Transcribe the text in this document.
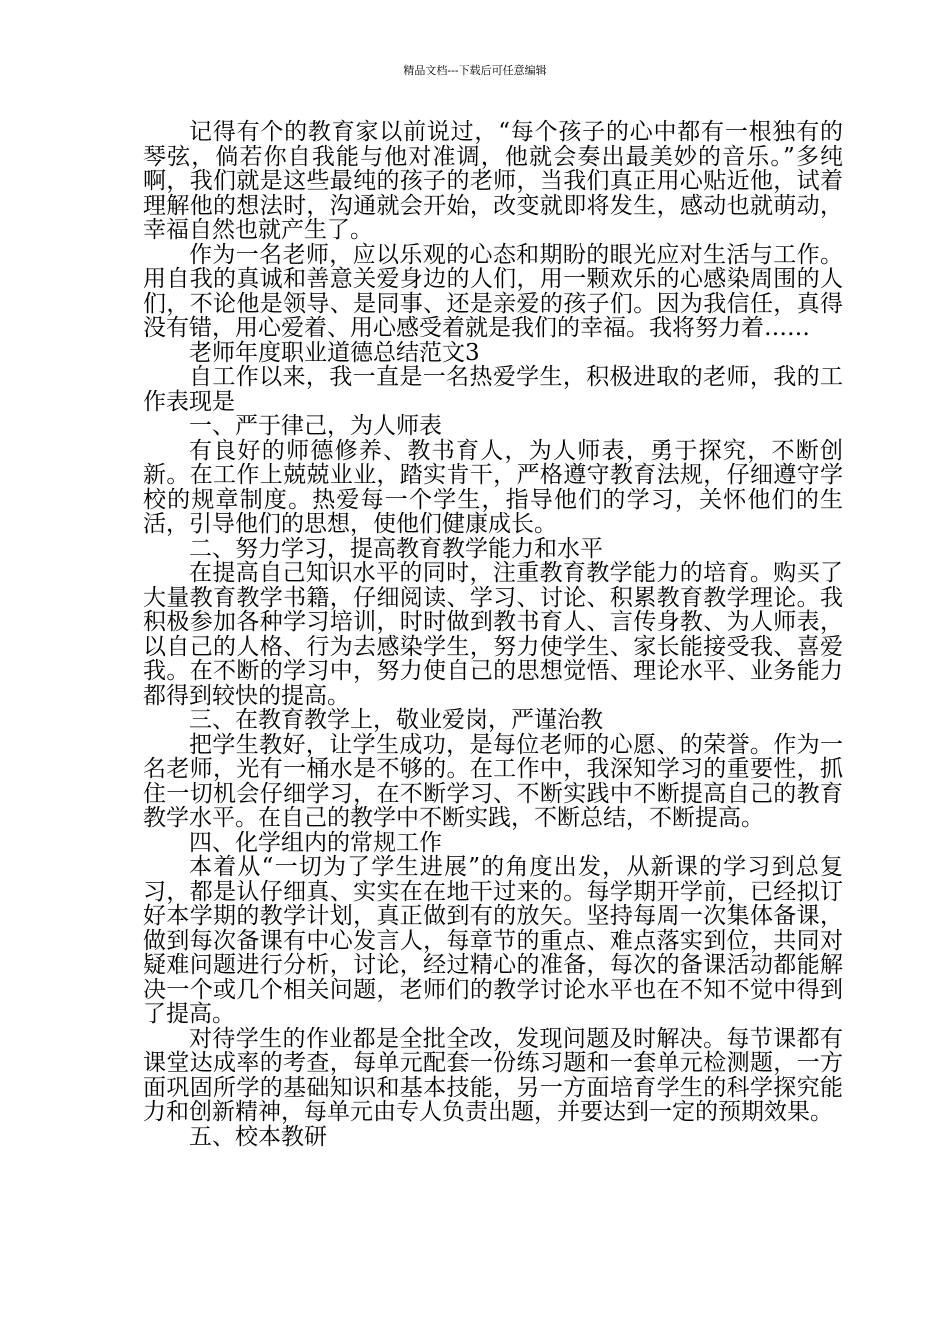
精品文档---下载后可任意编辑

记得有个的教育家以前说过，“每个孩子的心中都有一根独有的琴弦，倘若你自我能与他对准调，他就会奏出最美妙的音乐。”多纯啊，我们就是这些最纯的孩子的老师，当我们真正用心贴近他，试着理解他的想法时，沟通就会开始，改变就即将发生，感动也就萌动，幸福自然也就产生了。

作为一名老师，应以乐观的心态和期盼的眼光应对生活与工作。用自我的真诚和善意关爱身边的人们，用一颗欢乐的心感染周围的人们，不论他是领导、是同事、还是亲爱的孩子们。因为我信任，真得没有错，用心爱着、用心感受着就是我们的幸福。我将努力着……

老师年度职业道德总结范文3

自工作以来，我一直是一名热爱学生，积极进取的老师，我的工作表现是

一、严于律己，为人师表

有良好的师德修养、教书育人，为人师表，勇于探究，不断创新。在工作上兢兢业业，踏实肯干，严格遵守教育法规，仔细遵守学校的规章制度。热爱每一个学生，指导他们的学习，关怀他们的生活，引导他们的思想，使他们健康成长。

二、努力学习，提高教育教学能力和水平

在提高自己知识水平的同时，注重教育教学能力的培育。购买了大量教育教学书籍，仔细阅读、学习、讨论、积累教育教学理论。我积极参加各种学习培训，时时做到教书育人、言传身教、为人师表，以自己的人格、行为去感染学生，努力使学生、家长能接受我、喜爱我。在不断的学习中，努力使自己的思想觉悟、理论水平、业务能力都得到较快的提高。

三、在教育教学上，敬业爱岗，严谨治教

把学生教好，让学生成功，是每位老师的心愿、的荣誉。作为一名老师，光有一桶水是不够的。在工作中，我深知学习的重要性，抓住一切机会仔细学习，在不断学习、不断实践中不断提高自己的教育教学水平。在自己的教学中不断实践，不断总结，不断提高。

四、化学组内的常规工作

本着从“一切为了学生进展”的角度出发，从新课的学习到总复习，都是认仔细真、实实在在地干过来的。每学期开学前，已经拟订好本学期的教学计划，真正做到有的放矢。坚持每周一次集体备课，做到每次备课有中心发言人，每章节的重点、难点落实到位，共同对疑难问题进行分析，讨论，经过精心的准备，每次的备课活动都能解决一个或几个相关问题，老师们的教学讨论水平也在不知不觉中得到了提高。

对待学生的作业都是全批全改，发现问题及时解决。每节课都有课堂达成率的考查，每单元配套一份练习题和一套单元检测题，一方面巩固所学的基础知识和基本技能，另一方面培育学生的科学探究能力和创新精神，每单元由专人负责出题，并要达到一定的预期效果。

五、校本教研
